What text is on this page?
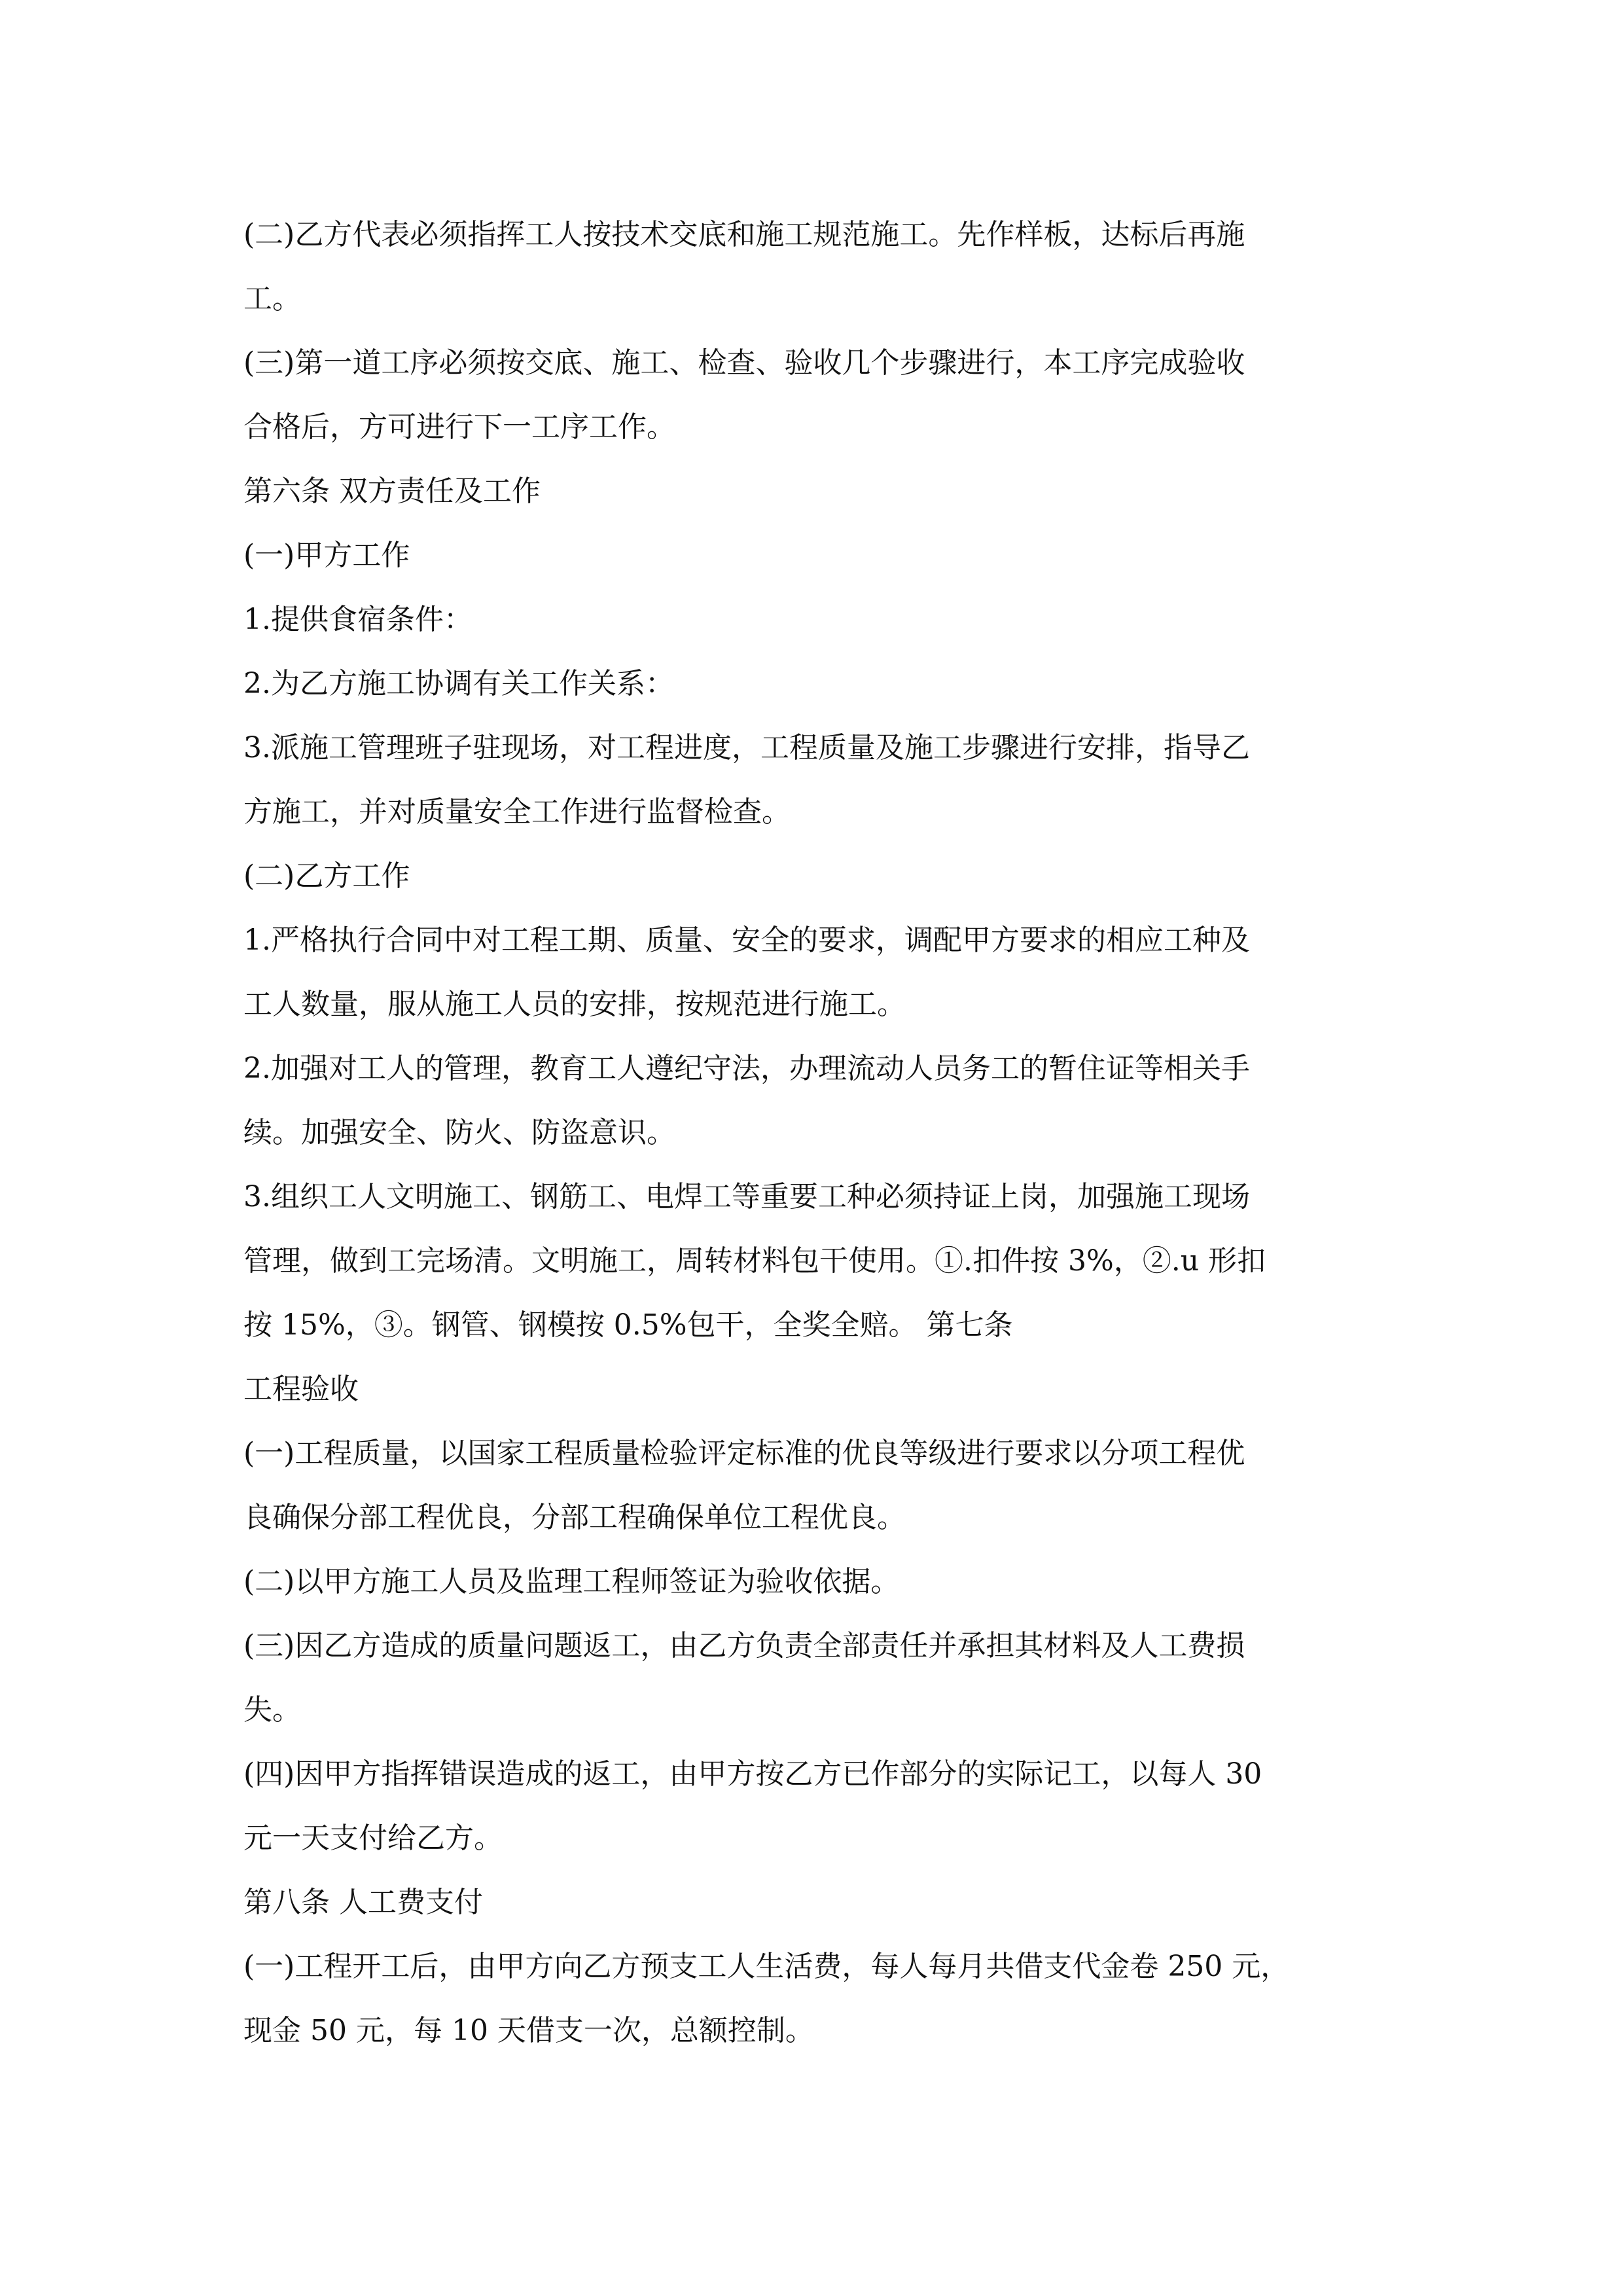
(二)乙方代表必须指挥工人按技术交底和施工规范施工。先作样板，达标后再施

工。

(三)第一道工序必须按交底、施工、检查、验收几个步骤进行，本工序完成验收

合格后，方可进行下一工序工作。

第六条 双方责任及工作

(一)甲方工作

1.提供食宿条件：

2.为乙方施工协调有关工作关系：

3.派施工管理班子驻现场，对工程进度，工程质量及施工步骤进行安排，指导乙

方施工，并对质量安全工作进行监督检查。

(二)乙方工作

1.严格执行合同中对工程工期、质量、安全的要求，调配甲方要求的相应工种及

工人数量，服从施工人员的安排，按规范进行施工。

2.加强对工人的管理，教育工人遵纪守法，办理流动人员务工的暂住证等相关手

续。加强安全、防火、防盗意识。

3.组织工人文明施工、钢筋工、电焊工等重要工种必须持证上岗，加强施工现场

管理，做到工完场清。文明施工，周转材料包干使用。①.扣件按 3%，②.u 形扣

按 15%，③。钢管、钢模按 0.5%包干，全奖全赔。 第七条

工程验收

(一)工程质量，以国家工程质量检验评定标准的优良等级进行要求以分项工程优

良确保分部工程优良，分部工程确保单位工程优良。

(二)以甲方施工人员及监理工程师签证为验收依据。

(三)因乙方造成的质量问题返工，由乙方负责全部责任并承担其材料及人工费损

失。

(四)因甲方指挥错误造成的返工，由甲方按乙方已作部分的实际记工，以每人 30

元一天支付给乙方。

第八条 人工费支付

(一)工程开工后，由甲方向乙方预支工人生活费，每人每月共借支代金卷 250 元，

现金 50 元，每 10 天借支一次，总额控制。
